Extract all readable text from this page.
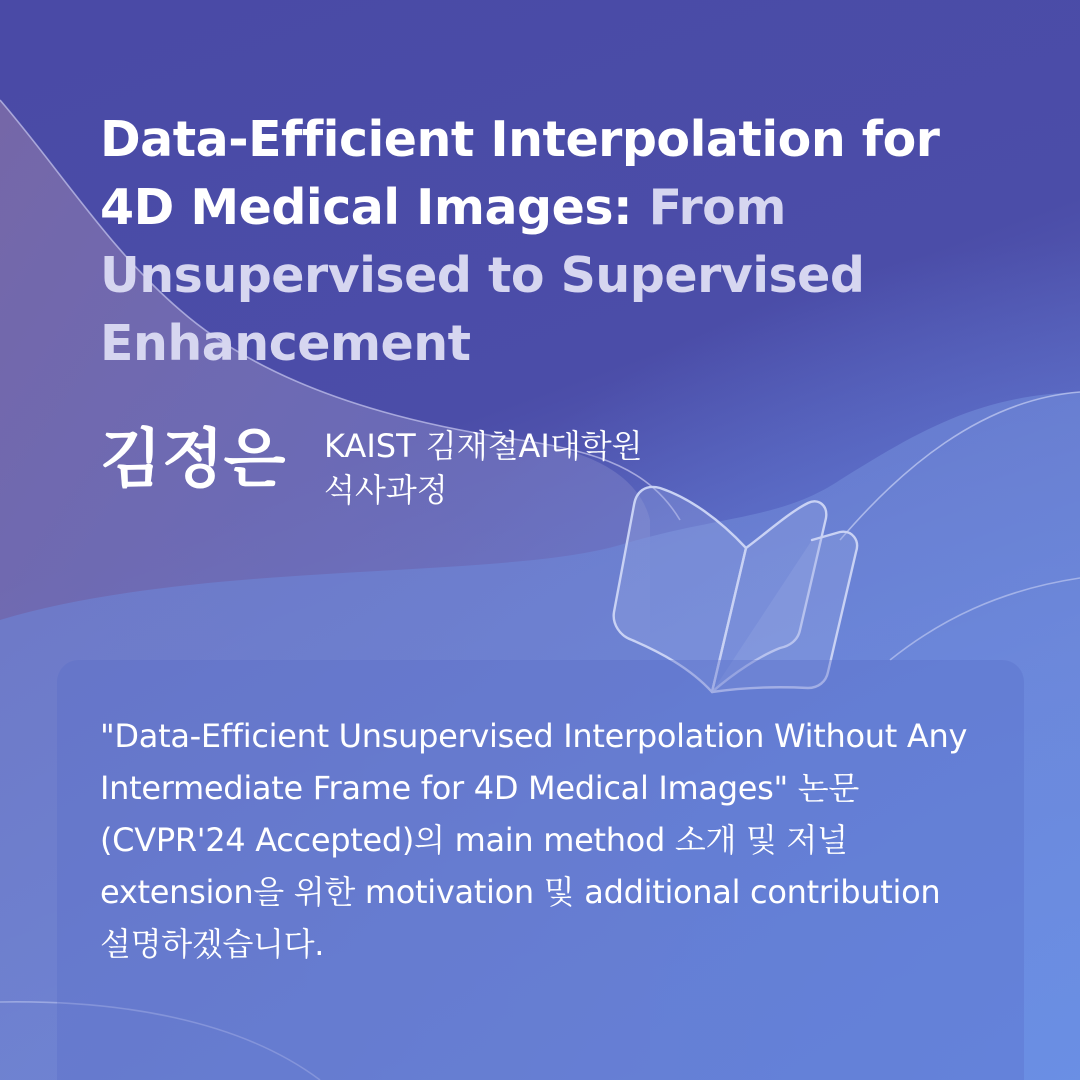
Data-Efficient Interpolation for 4D Medical Images: From Unsupervised to Supervised Enhancement
김정은 KAIST 김재철AI대학원
석사과정
"Data-Efficient Unsupervised Interpolation Without Any Intermediate Frame for 4D Medical Images" 논문(CVPR'24 Accepted)의 main method 소개 및 저널 extension을 위한 motivation 및 additional contribution 설명하겠습니다.
